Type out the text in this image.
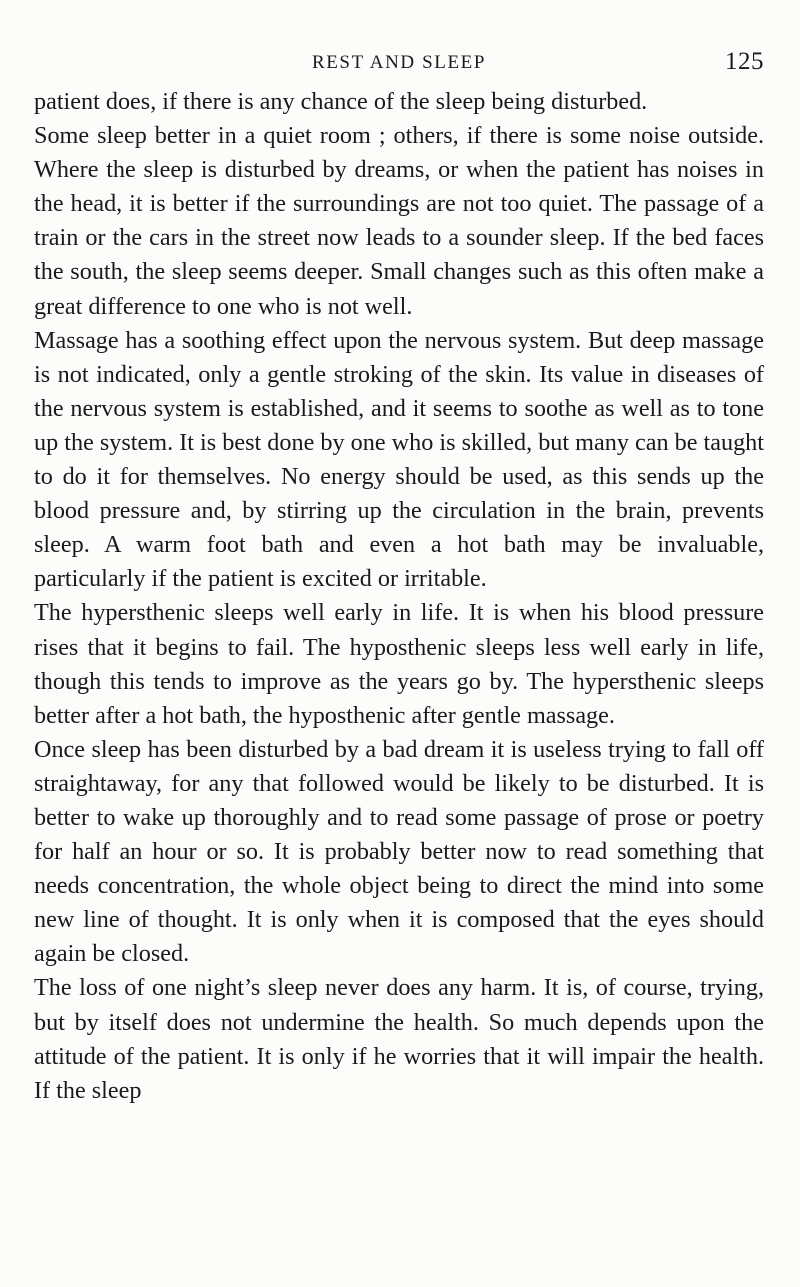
REST AND SLEEP	125

patient does, if there is any chance of the sleep being disturbed.

Some sleep better in a quiet room ; others, if there is some noise outside. Where the sleep is disturbed by dreams, or when the patient has noises in the head, it is better if the surroundings are not too quiet. The passage of a train or the cars in the street now leads to a sounder sleep. If the bed faces the south, the sleep seems deeper. Small changes such as this often make a great difference to one who is not well.

Massage has a soothing effect upon the nervous system. But deep massage is not indicated, only a gentle stroking of the skin. Its value in diseases of the nervous system is established, and it seems to soothe as well as to tone up the system. It is best done by one who is skilled, but many can be taught to do it for themselves. No energy should be used, as this sends up the blood pressure and, by stirring up the circulation in the brain, prevents sleep. A warm foot bath and even a hot bath may be invaluable, particularly if the patient is excited or irritable.

The hypersthenic sleeps well early in life. It is when his blood pressure rises that it begins to fail. The hyposthenic sleeps less well early in life, though this tends to improve as the years go by. The hypersthenic sleeps better after a hot bath, the hyposthenic after gentle massage.

Once sleep has been disturbed by a bad dream it is useless trying to fall off straightaway, for any that followed would be likely to be disturbed. It is better to wake up thoroughly and to read some passage of prose or poetry for half an hour or so. It is probably better now to read something that needs concentration, the whole object being to direct the mind into some new line of thought. It is only when it is composed that the eyes should again be closed.

The loss of one night’s sleep never does any harm. It is, of course, trying, but by itself does not undermine the health. So much depends upon the attitude of the patient. It is only if he worries that it will impair the health. If the sleep
